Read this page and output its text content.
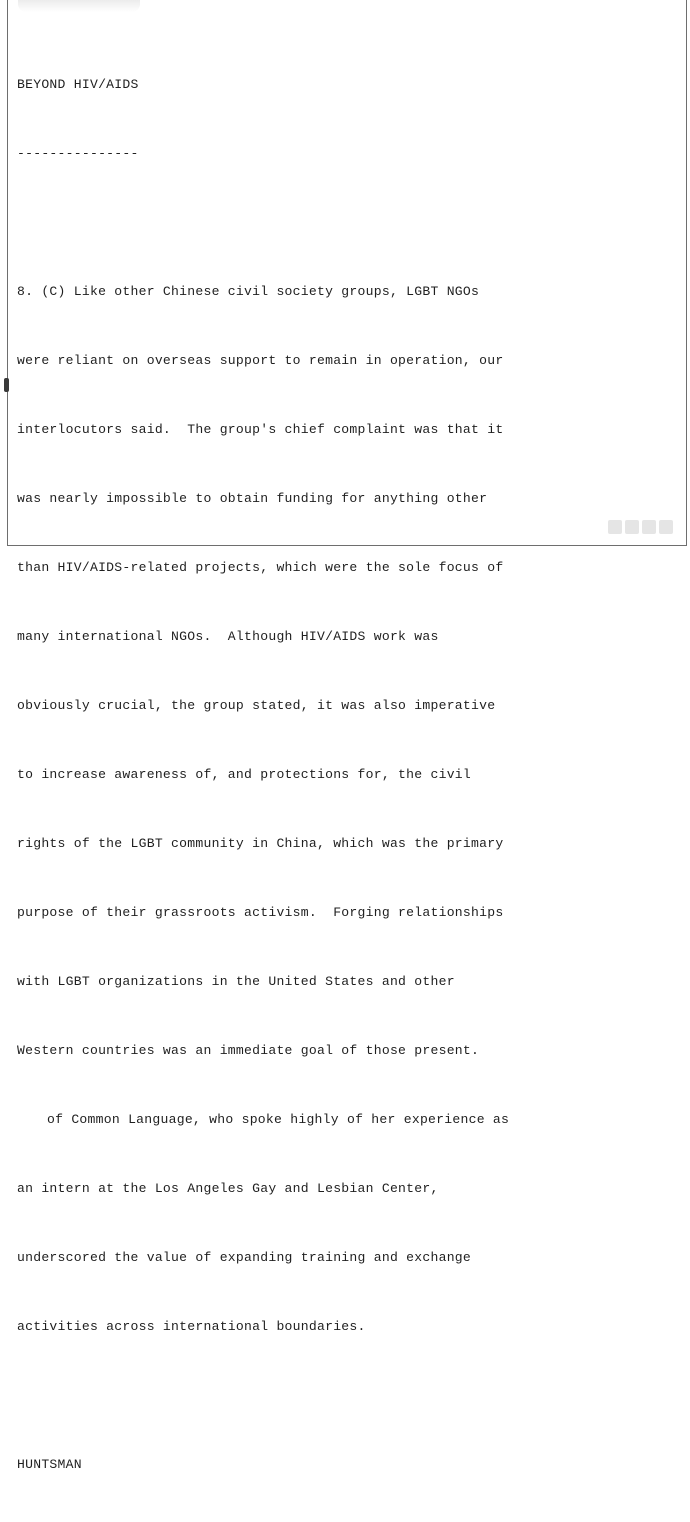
BEYOND HIV/AIDS

---------------

8. (C) Like other Chinese civil society groups, LGBT NGOs

were reliant on overseas support to remain in operation, our

interlocutors said.  The group's chief complaint was that it

was nearly impossible to obtain funding for anything other

than HIV/AIDS-related projects, which were the sole focus of

many international NGOs.  Although HIV/AIDS work was

obviously crucial, the group stated, it was also imperative

to increase awareness of, and protections for, the civil

rights of the LGBT community in China, which was the primary

purpose of their grassroots activism.  Forging relationships

with LGBT organizations in the United States and other

Western countries was an immediate goal of those present.

of Common Language, who spoke highly of her experience as

an intern at the Los Angeles Gay and Lesbian Center,

underscored the value of expanding training and exchange

activities across international boundaries.

HUNTSMAN
